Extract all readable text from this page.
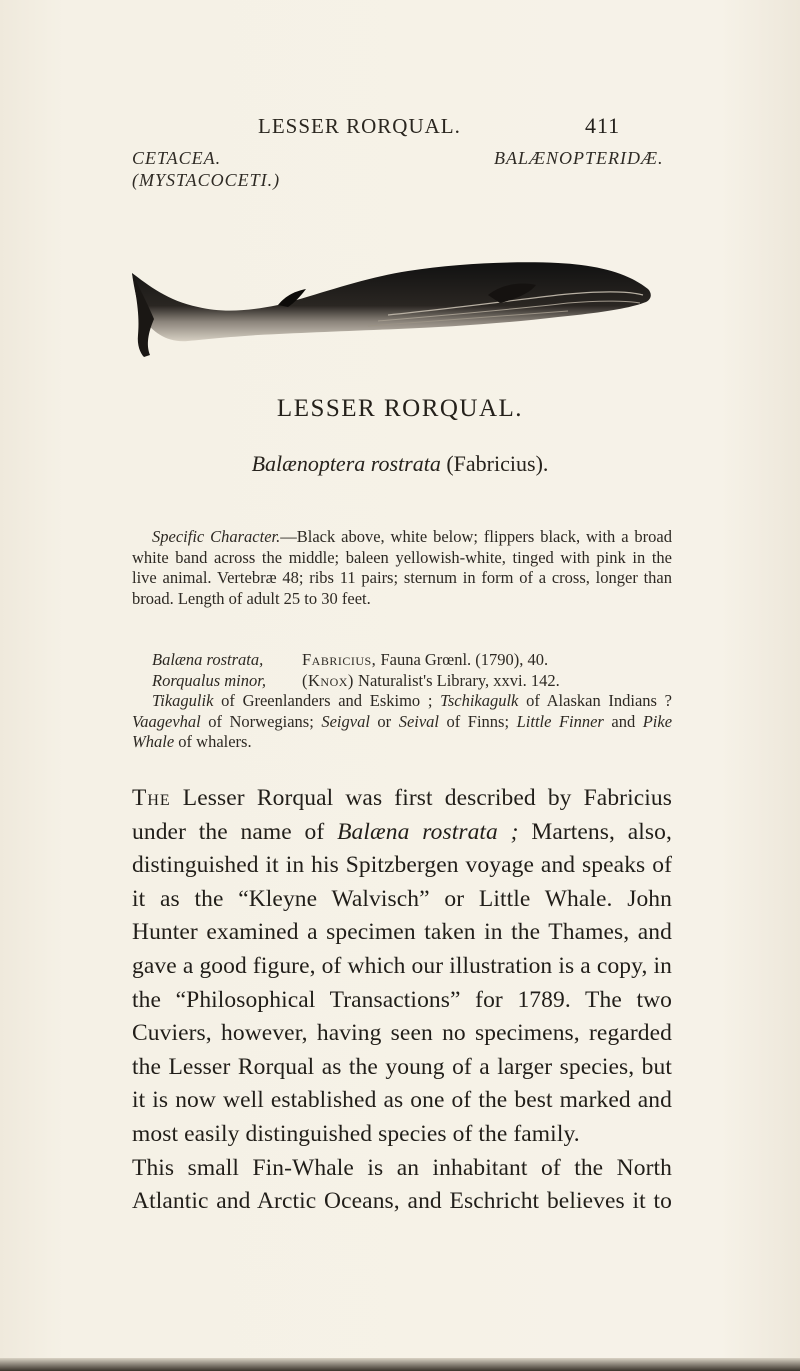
LESSER RORQUAL.	411
CETACEA.
(MYSTACOCETI.)
BALÆNOPTERIDÆ.
LESSER RORQUAL.
Balænoptera rostrata (Fabricius).
Specific Character.—Black above, white below; flippers black, with a broad white band across the middle; baleen yellowish-white, tinged with pink in the live animal. Vertebræ 48; ribs 11 pairs; sternum in form of a cross, longer than broad. Length of adult 25 to 30 feet.
Balæna rostrata, Fabricius, Fauna Grœnl. (1790), 40.
Rorqualus minor, (Knox) Naturalist's Library, xxvi. 142.
Tikagulik of Greenlanders and Eskimo ; Tschikagulk of Alaskan Indians ? Vaagevhal of Norwegians; Seigval or Seival of Finns; Little Finner and Pike Whale of whalers.

The Lesser Rorqual was first described by Fabricius under the name of Balæna rostrata ; Martens, also, distinguished it in his Spitzbergen voyage and speaks of it as the “Kleyne Walvisch” or Little Whale. John Hunter examined a specimen taken in the Thames, and gave a good figure, of which our illustration is a copy, in the “Philosophical Transactions” for 1789. The two Cuviers, however, having seen no specimens, regarded the Lesser Rorqual as the young of a larger species, but it is now well established as one of the best marked and most easily distinguished species of the family.

This small Fin-Whale is an inhabitant of the North Atlantic and Arctic Oceans, and Eschricht believes it to
